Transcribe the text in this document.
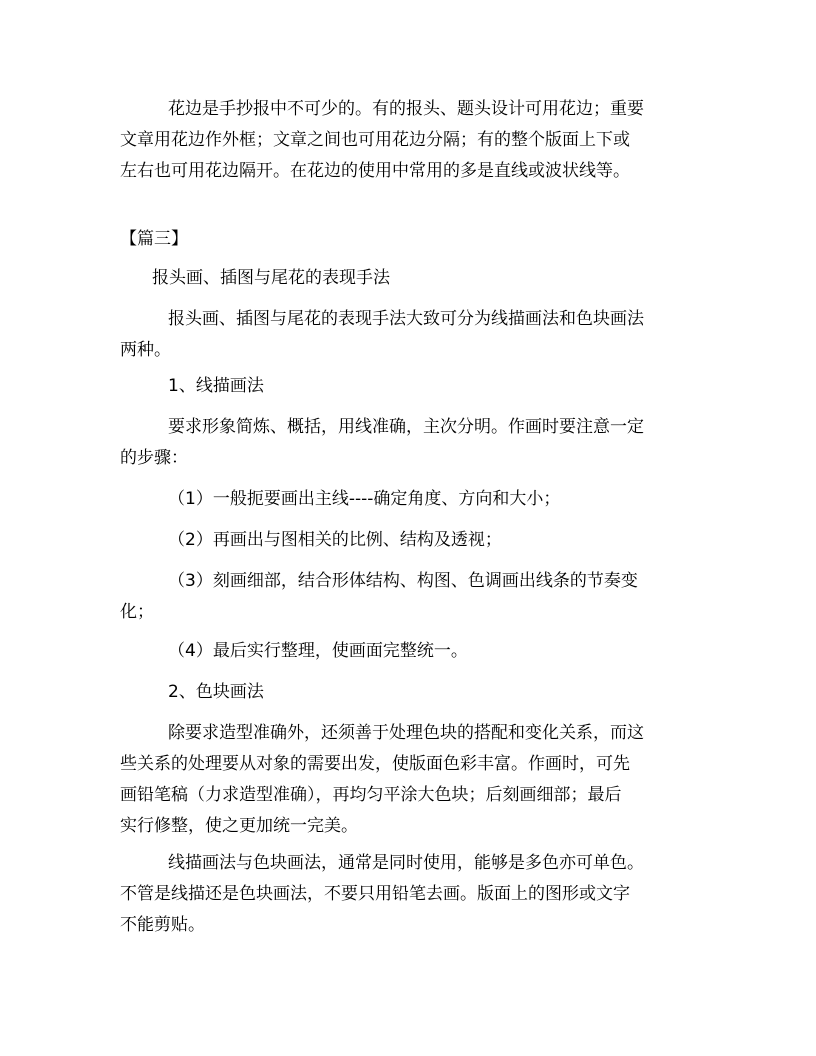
花边是手抄报中不可少的。有的报头、题头设计可用花边；重要
文章用花边作外框；文章之间也可用花边分隔；有的整个版面上下或
左右也可用花边隔开。在花边的使用中常用的多是直线或波状线等。
【篇三】
报头画、插图与尾花的表现手法
报头画、插图与尾花的表现手法大致可分为线描画法和色块画法
两种。
1、线描画法
要求形象简炼、概括，用线准确，主次分明。作画时要注意一定
的步骤：
（1）一般扼要画出主线----确定角度、方向和大小；
（2）再画出与图相关的比例、结构及透视；
（3）刻画细部，结合形体结构、构图、色调画出线条的节奏变
化；
（4）最后实行整理，使画面完整统一。
2、色块画法
除要求造型准确外，还须善于处理色块的搭配和变化关系，而这
些关系的处理要从对象的需要出发，使版面色彩丰富。作画时，可先
画铅笔稿（力求造型准确），再均匀平涂大色块；后刻画细部；最后
实行修整，使之更加统一完美。
线描画法与色块画法，通常是同时使用，能够是多色亦可单色。
不管是线描还是色块画法，不要只用铅笔去画。版面上的图形或文字
不能剪贴。
